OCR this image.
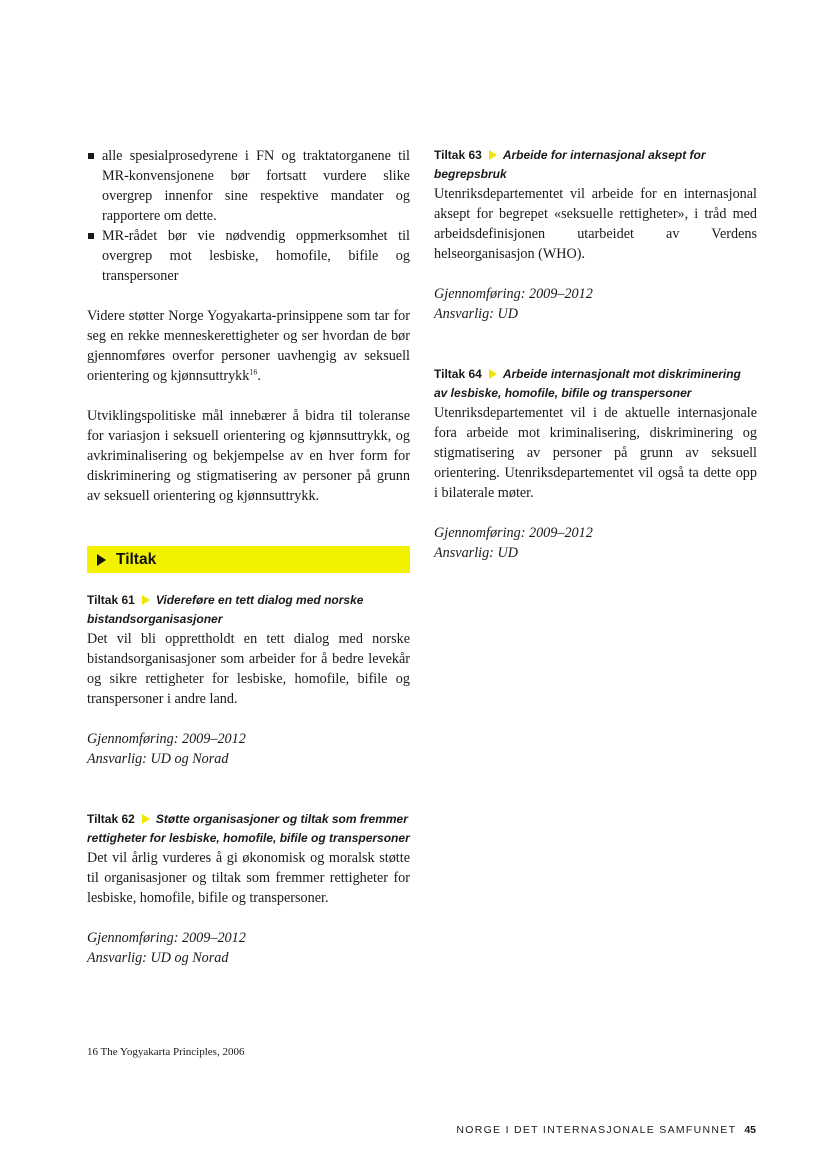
alle spesialprosedyrene i FN og traktatorganene til MR-konvensjonene bør fortsatt vurdere slike overgrep innenfor sine respektive mandater og rapportere om dette.
MR-rådet bør vie nødvendig oppmerksomhet til overgrep mot lesbiske, homofile, bifile og transpersoner

Videre støtter Norge Yogyakarta-prinsippene som tar for seg en rekke menneskerettigheter og ser hvordan de bør gjennomføres overfor personer uavhengig av seksuell orientering og kjønnsuttrykk$^{16}$.

Utviklingspolitiske mål innebærer å bidra til toleranse for variasjon i seksuell orientering og kjønnsuttrykk, og avkriminalisering og bekjempelse av en hver form for diskriminering og stigmatisering av personer på grunn av seksuell orientering og kjønnsuttrykk.

Tiltak
Tiltak 61 Videreføre en tett dialog med norske bistandsorganisasjoner

Det vil bli opprettholdt en tett dialog med norske bistandsorganisasjoner som arbeider for å bedre levekår og sikre rettigheter for lesbiske, homofile, bifile og transpersoner i andre land.

Gjennomføring: 2009–2012

Ansvarlig: UD og Norad

Tiltak 62 Støtte organisasjoner og tiltak som fremmer rettigheter for lesbiske, homofile, bifile og transpersoner

Det vil årlig vurderes å gi økonomisk og moralsk støtte til organisasjoner og tiltak som fremmer rettigheter for lesbiske, homofile, bifile og transpersoner.

Gjennomføring: 2009–2012

Ansvarlig: UD og Norad

Tiltak 63 Arbeide for internasjonal aksept for begrepsbruk

Utenriksdepartementet vil arbeide for en internasjonal aksept for begrepet «seksuelle rettigheter», i tråd med arbeidsdefinisjonen utarbeidet av Verdens helseorganisasjon (WHO).

Gjennomføring: 2009–2012

Ansvarlig: UD

Tiltak 64 Arbeide internasjonalt mot diskriminering av lesbiske, homofile, bifile og transpersoner

Utenriksdepartementet vil i de aktuelle internasjonale fora arbeide mot kriminalisering, diskriminering og stigmatisering av personer på grunn av seksuell orientering. Utenriksdepartementet vil også ta dette opp i bilaterale møter.

Gjennomføring: 2009–2012

Ansvarlig: UD

16 The Yogyakarta Principles, 2006
NORGE I DET INTERNASJONALE SAMFUNNET 45
